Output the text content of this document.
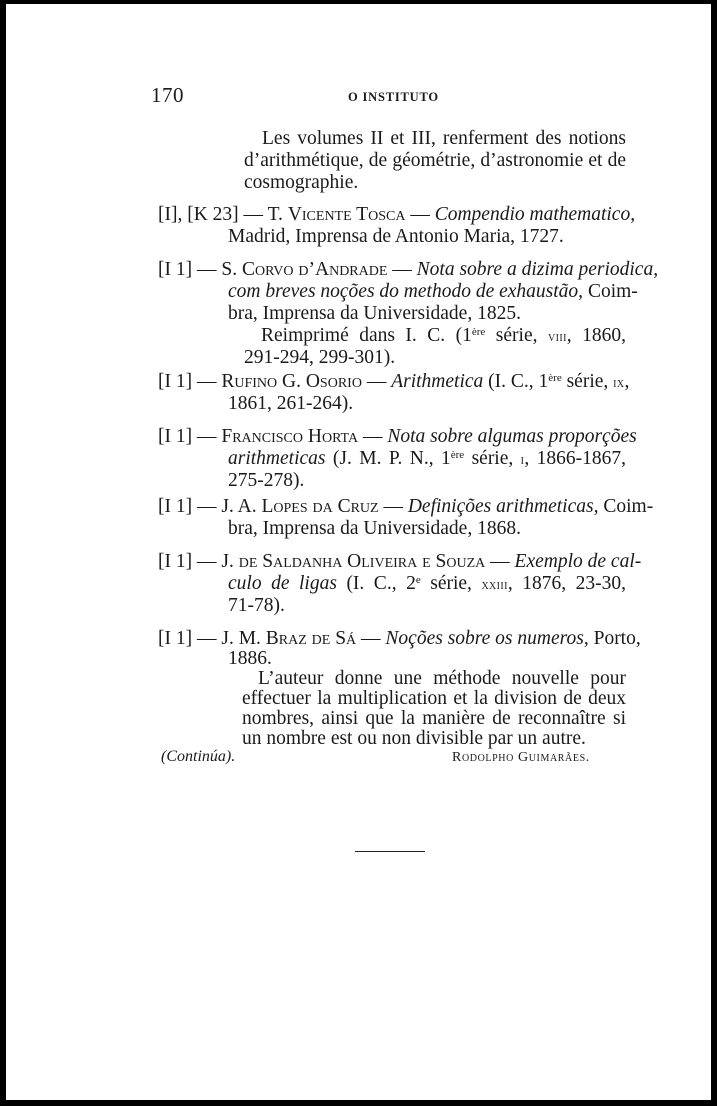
170	O INSTITUTO
Les volumes II et III, renferment des notions
d’arithmétique, de géométrie, d’astronomie et de
cosmographie.
[I], [K 23] — T. Vicente Tosca — Compendio mathematico,
Madrid, Imprensa de Antonio Maria, 1727.
[I 1] — S. Corvo d’Andrade — Nota sobre a dizima periodica,
com breves noções do methodo de exhaustão, Coim-
bra, Imprensa da Universidade, 1825.
Reimprimé dans I. C. (1ère série, viii, 1860,
291-294, 299-301).
[I 1] — Rufino G. Osorio — Arithmetica (I. C., 1ère série, ix,
1861, 261-264).
[I 1] — Francisco Horta — Nota sobre algumas proporções
arithmeticas (J. M. P. N., 1ère série, i, 1866-1867,
275-278).
[I 1] — J. A. Lopes da Cruz — Definições arithmeticas, Coim-
bra, Imprensa da Universidade, 1868.
[I 1] — J. de Saldanha Oliveira e Souza — Exemplo de cal-
culo de ligas (I. C., 2e série, xxiii, 1876, 23-30,
71-78).
[I 1] — J. M. Braz de Sá — Noções sobre os numeros, Porto,
1886.
L’auteur donne une méthode nouvelle pour
effectuer la multiplication et la division de deux
nombres, ainsi que la manière de reconnaître si
un nombre est ou non divisible par un autre.
(Continúa).	Rodolpho Guimarães.
